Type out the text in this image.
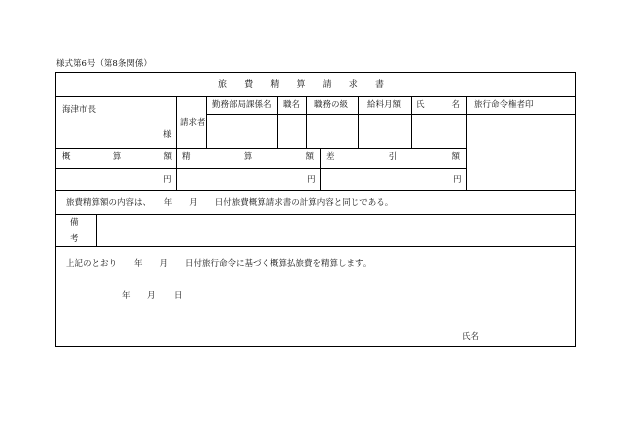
様式第6号（第8条関係）
旅 費 精 算 請 求 書
海津市長
様
請求者
勤務部局課係名 職名 職務の級 給料月額 氏	名 旅行命令権者印
概	算	額 精	算	額 差	引	額
円	円	円
旅費精算額の内容は、　　年　　月　　日付旅費概算請求書の計算内容と同じである。
備
考
上記のとおり　　年　　月　　日付旅行命令に基づく概算払旅費を精算します。
年 月 日
氏名
